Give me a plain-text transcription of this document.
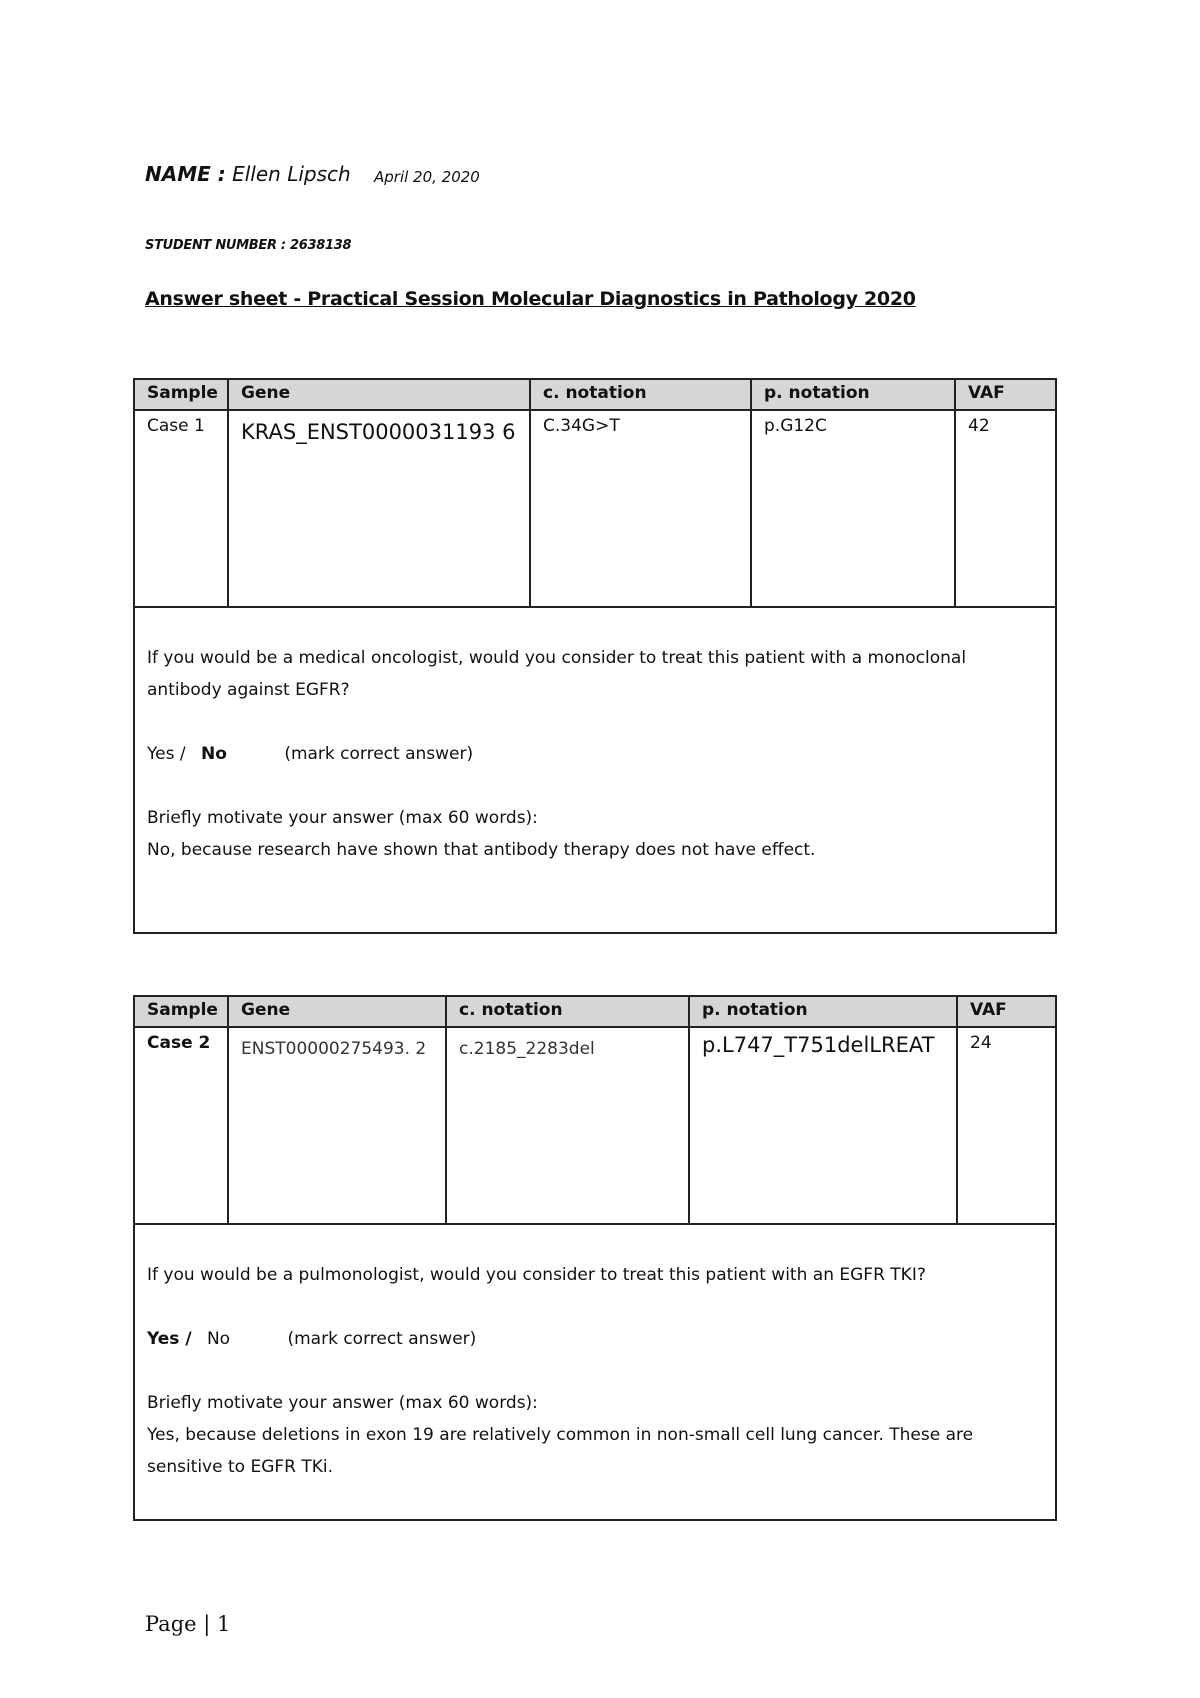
NAME : Ellen Lipsch April 20, 2020
STUDENT NUMBER : 2638138
Answer sheet - Practical Session Molecular Diagnostics in Pathology 2020
Sample	Gene	c. notation	p. notation	VAF
Case 1	KRAS_ENST0000031193 6	C.34G>T	p.G12C	42

If you would be a medical oncologist, would you consider to treat this patient with a monoclonal antibody against EGFR?
Yes / No (mark correct answer)
Briefly motivate your answer (max 60 words):
No, because research have shown that antibody therapy does not have effect.				
Sample	Gene	c. notation	p. notation	VAF
Case 2	ENST00000275493. 2	c.2185_2283del	p.L747_T751delLREAT	24

If you would be a pulmonologist, would you consider to treat this patient with an EGFR TKI?
Yes / No (mark correct answer)
Briefly motivate your answer (max 60 words):
Yes, because deletions in exon 19 are relatively common in non-small cell lung cancer. These are sensitive to EGFR TKi.				
Page | 1
